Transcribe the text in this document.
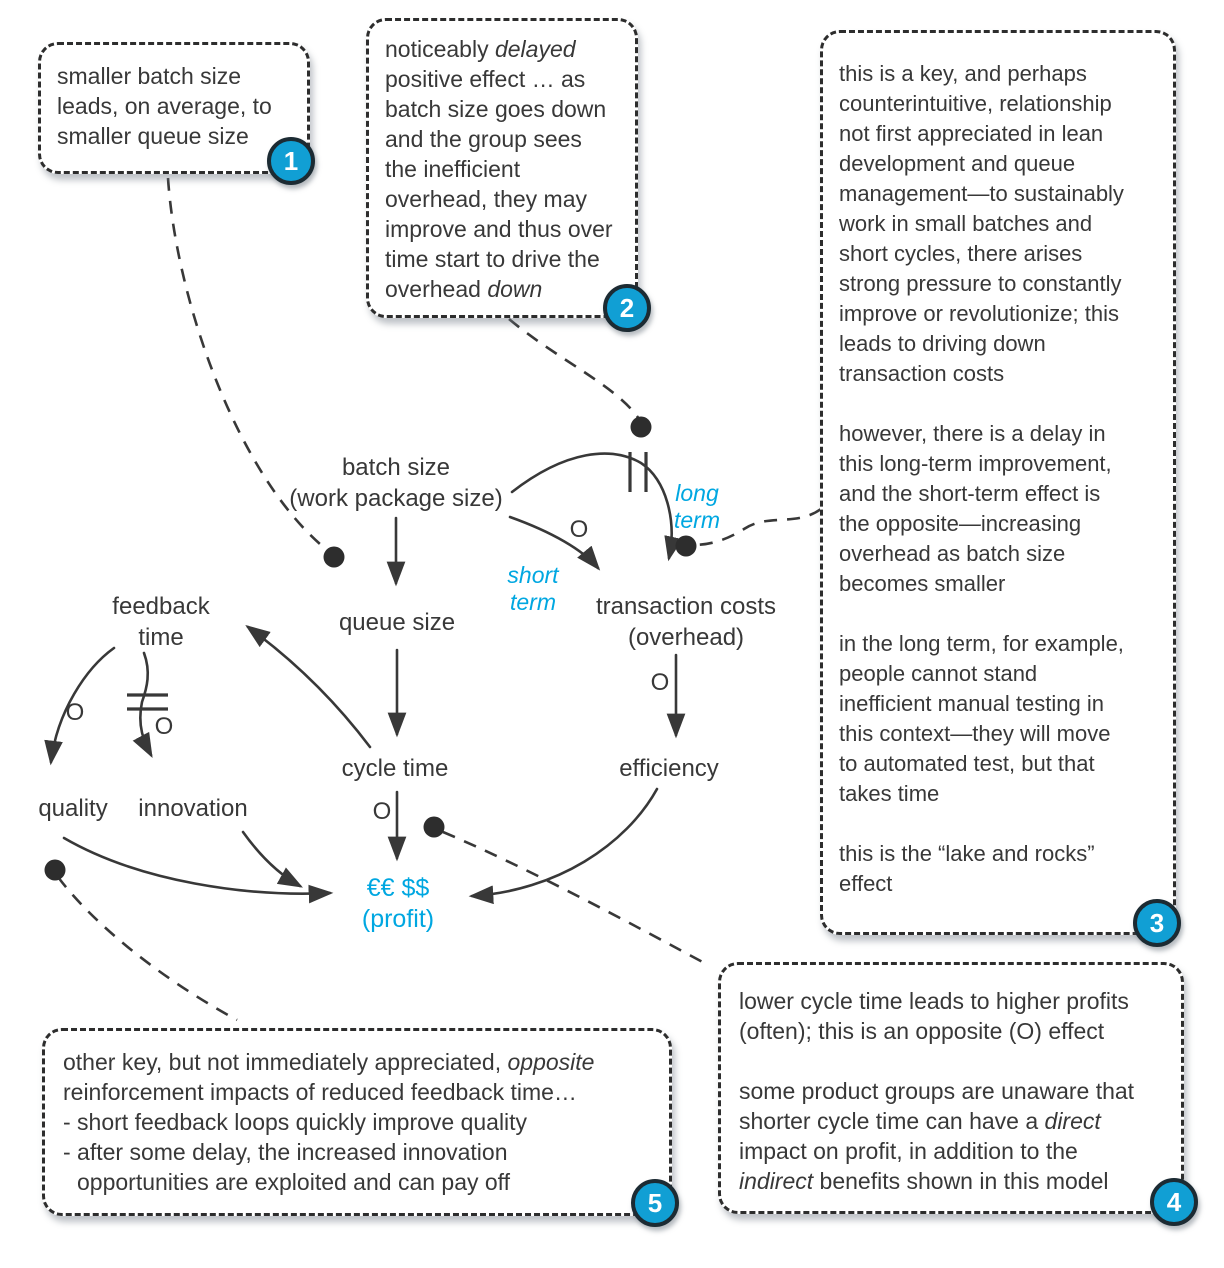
smaller batch size
leads, on average, to
smaller queue size
noticeably delayed
positive effect … as
batch size goes down
and the group sees
the inefficient
overhead, they may
improve and thus over
time start to drive the
overhead down
this is a key, and perhaps
counterintuitive, relationship
not first appreciated in lean
development and queue
management—to sustainably
work in small batches and
short cycles, there arises
strong pressure to constantly
improve or revolutionize; this
leads to driving down
transaction costs
however, there is a delay in
this long-term improvement,
and the short-term effect is
the opposite—increasing
overhead as batch size
becomes smaller
in the long term, for example,
people cannot stand
inefficient manual testing in
this context—they will move
to automated test, but that
takes time
this is the “lake and rocks”
effect
lower cycle time leads to higher profits
(often); this is an opposite (O) effect
some product groups are unaware that
shorter cycle time can have a direct
impact on profit, in addition to the
indirect benefits shown in this model
other key, but not immediately appreciated, opposite
reinforcement impacts of reduced feedback time…
- short feedback loops quickly improve quality
- after some delay, the increased innovation
opportunities are exploited and can pay off
1
2
3
4
5
batch size
(work package size)
queue size
cycle time
transaction costs
(overhead)
efficiency
feedback
time
quality innovation
€€ $$
(profit)
O
O
O
O
O
short
term
long
term
